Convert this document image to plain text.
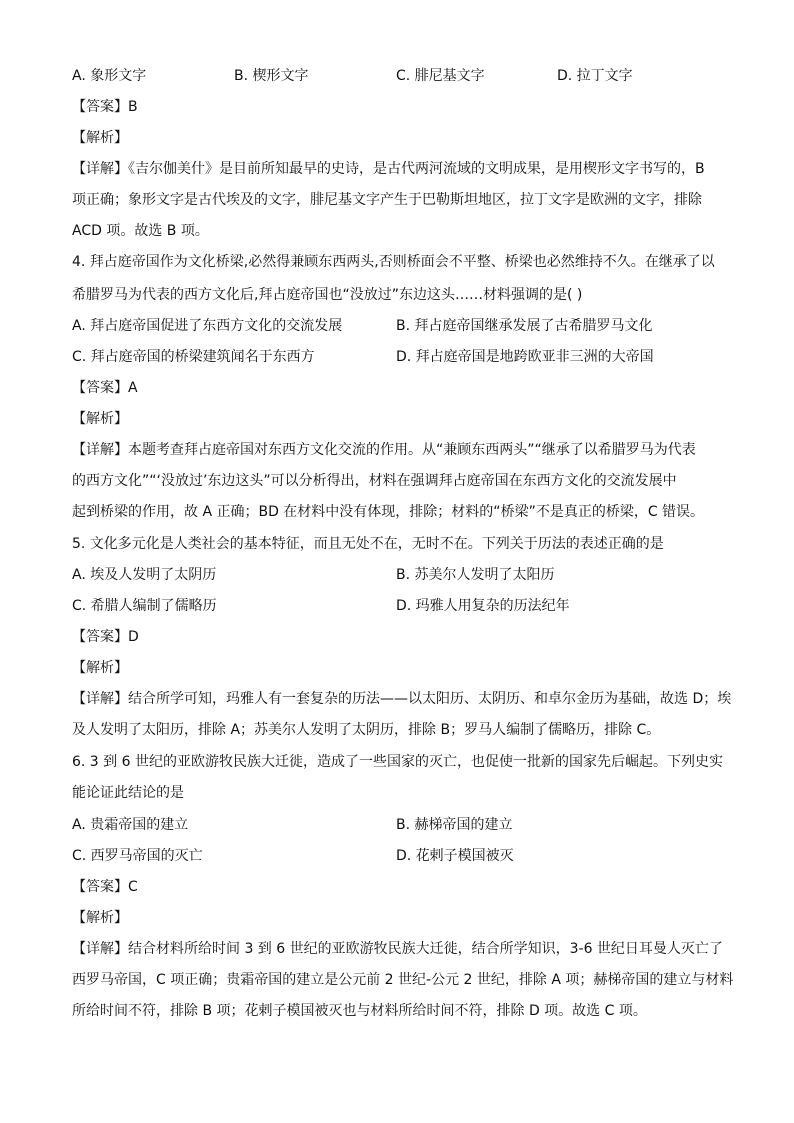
A. 象形文字	B. 楔形文字	C. 腓尼基文字	D. 拉丁文字
【答案】B
【解析】
【详解】《吉尔伽美什》是目前所知最早的史诗，是古代两河流域的文明成果，是用楔形文字书写的，B
项正确；象形文字是古代埃及的文字，腓尼基文字产生于巴勒斯坦地区，拉丁文字是欧洲的文字，排除
ACD 项。故选 B 项。
4. 拜占庭帝国作为文化桥梁,必然得兼顾东西两头,否则桥面会不平整、桥梁也必然维持不久。在继承了以
希腊罗马为代表的西方文化后,拜占庭帝国也“没放过”东边这头……材料强调的是( )
A. 拜占庭帝国促进了东西方文化的交流发展	B. 拜占庭帝国继承发展了古希腊罗马文化
C. 拜占庭帝国的桥梁建筑闻名于东西方	D. 拜占庭帝国是地跨欧亚非三洲的大帝国
【答案】A
【解析】
【详解】本题考查拜占庭帝国对东西方文化交流的作用。从“兼顾东西两头”“继承了以希腊罗马为代表
的西方文化”“‘没放过’东边这头”可以分析得出，材料在强调拜占庭帝国在东西方文化的交流发展中
起到桥梁的作用，故 A 正确；BD 在材料中没有体现，排除；材料的“桥梁”不是真正的桥梁，C 错误。
5. 文化多元化是人类社会的基本特征，而且无处不在，无时不在。下列关于历法的表述正确的是
A. 埃及人发明了太阴历	B. 苏美尔人发明了太阳历
C. 希腊人编制了儒略历	D. 玛雅人用复杂的历法纪年
【答案】D
【解析】
【详解】结合所学可知，玛雅人有一套复杂的历法——以太阳历、太阴历、和卓尔金历为基础，故选 D；埃
及人发明了太阳历，排除 A；苏美尔人发明了太阴历，排除 B；罗马人编制了儒略历，排除 C。
6. 3 到 6 世纪的亚欧游牧民族大迁徙，造成了一些国家的灭亡，也促使一批新的国家先后崛起。下列史实
能论证此结论的是
A. 贵霜帝国的建立	B. 赫梯帝国的建立
C. 西罗马帝国的灭亡	D. 花剌子模国被灭
【答案】C
【解析】
【详解】结合材料所给时间 3 到 6 世纪的亚欧游牧民族大迁徙，结合所学知识，3-6 世纪日耳曼人灭亡了
西罗马帝国，C 项正确；贵霜帝国的建立是公元前 2 世纪-公元 2 世纪，排除 A 项；赫梯帝国的建立与材料
所给时间不符，排除 B 项；花剌子模国被灭也与材料所给时间不符，排除 D 项。故选 C 项。
